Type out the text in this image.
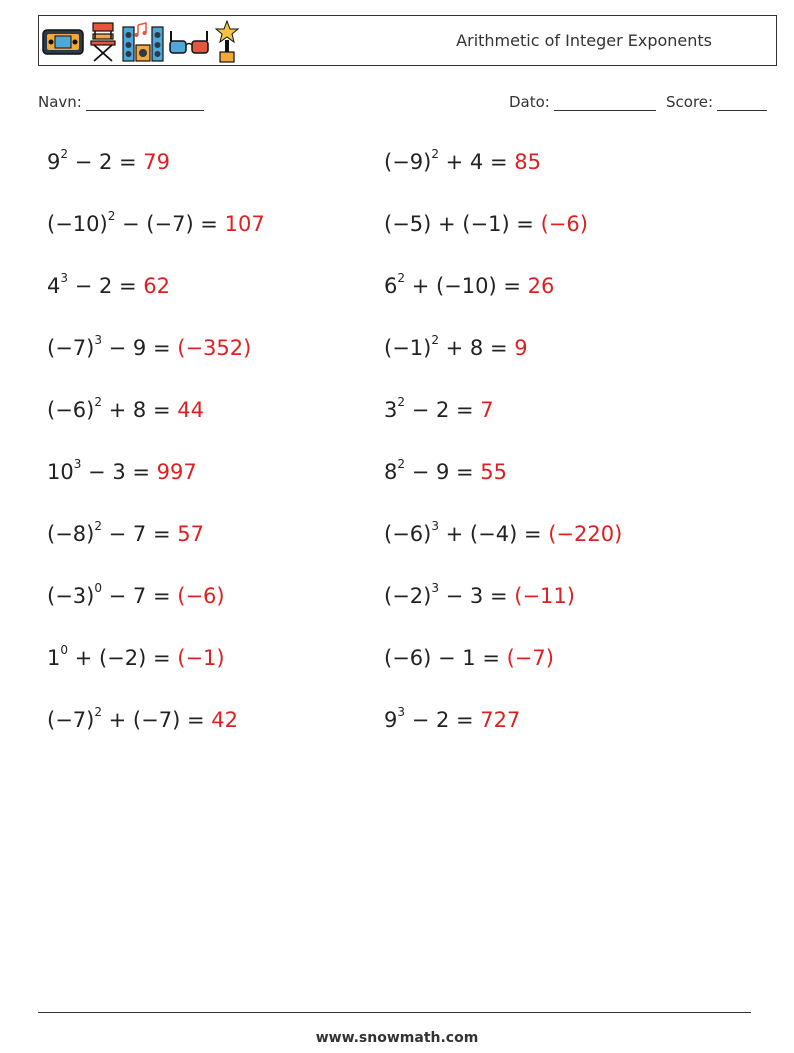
Arithmetic of Integer Exponents
Navn:	Dato:	Score:
$9^2 - 2 = 79$	$(-9)^2 + 4 = 85$
$(-10)^2 - (-7) = 107$	(−5) + (−1) = (−6)
$4^3 - 2 = 62$	$6^2 + (-10) = 26$
$(-7)^3 - 9 = (-352)$	$(-1)^2 + 8 = 9$
$(-6)^2 + 8 = 44$	$3^2 - 2 = 7$
$10^3 - 3 = 997$	$8^2 - 9 = 55$
$(-8)^2 - 7 = 57$	$(-6)^3 + (-4) = (-220)$
$(-3)^0 - 7 = (-6)$	$(-2)^3 - 3 = (-11)$
$1^0 + (-2) = (-1)$	(−6) − 1 = (−7)
$(-7)^2 + (-7) = 42$	$9^3 - 2 = 727$
www.snowmath.com
